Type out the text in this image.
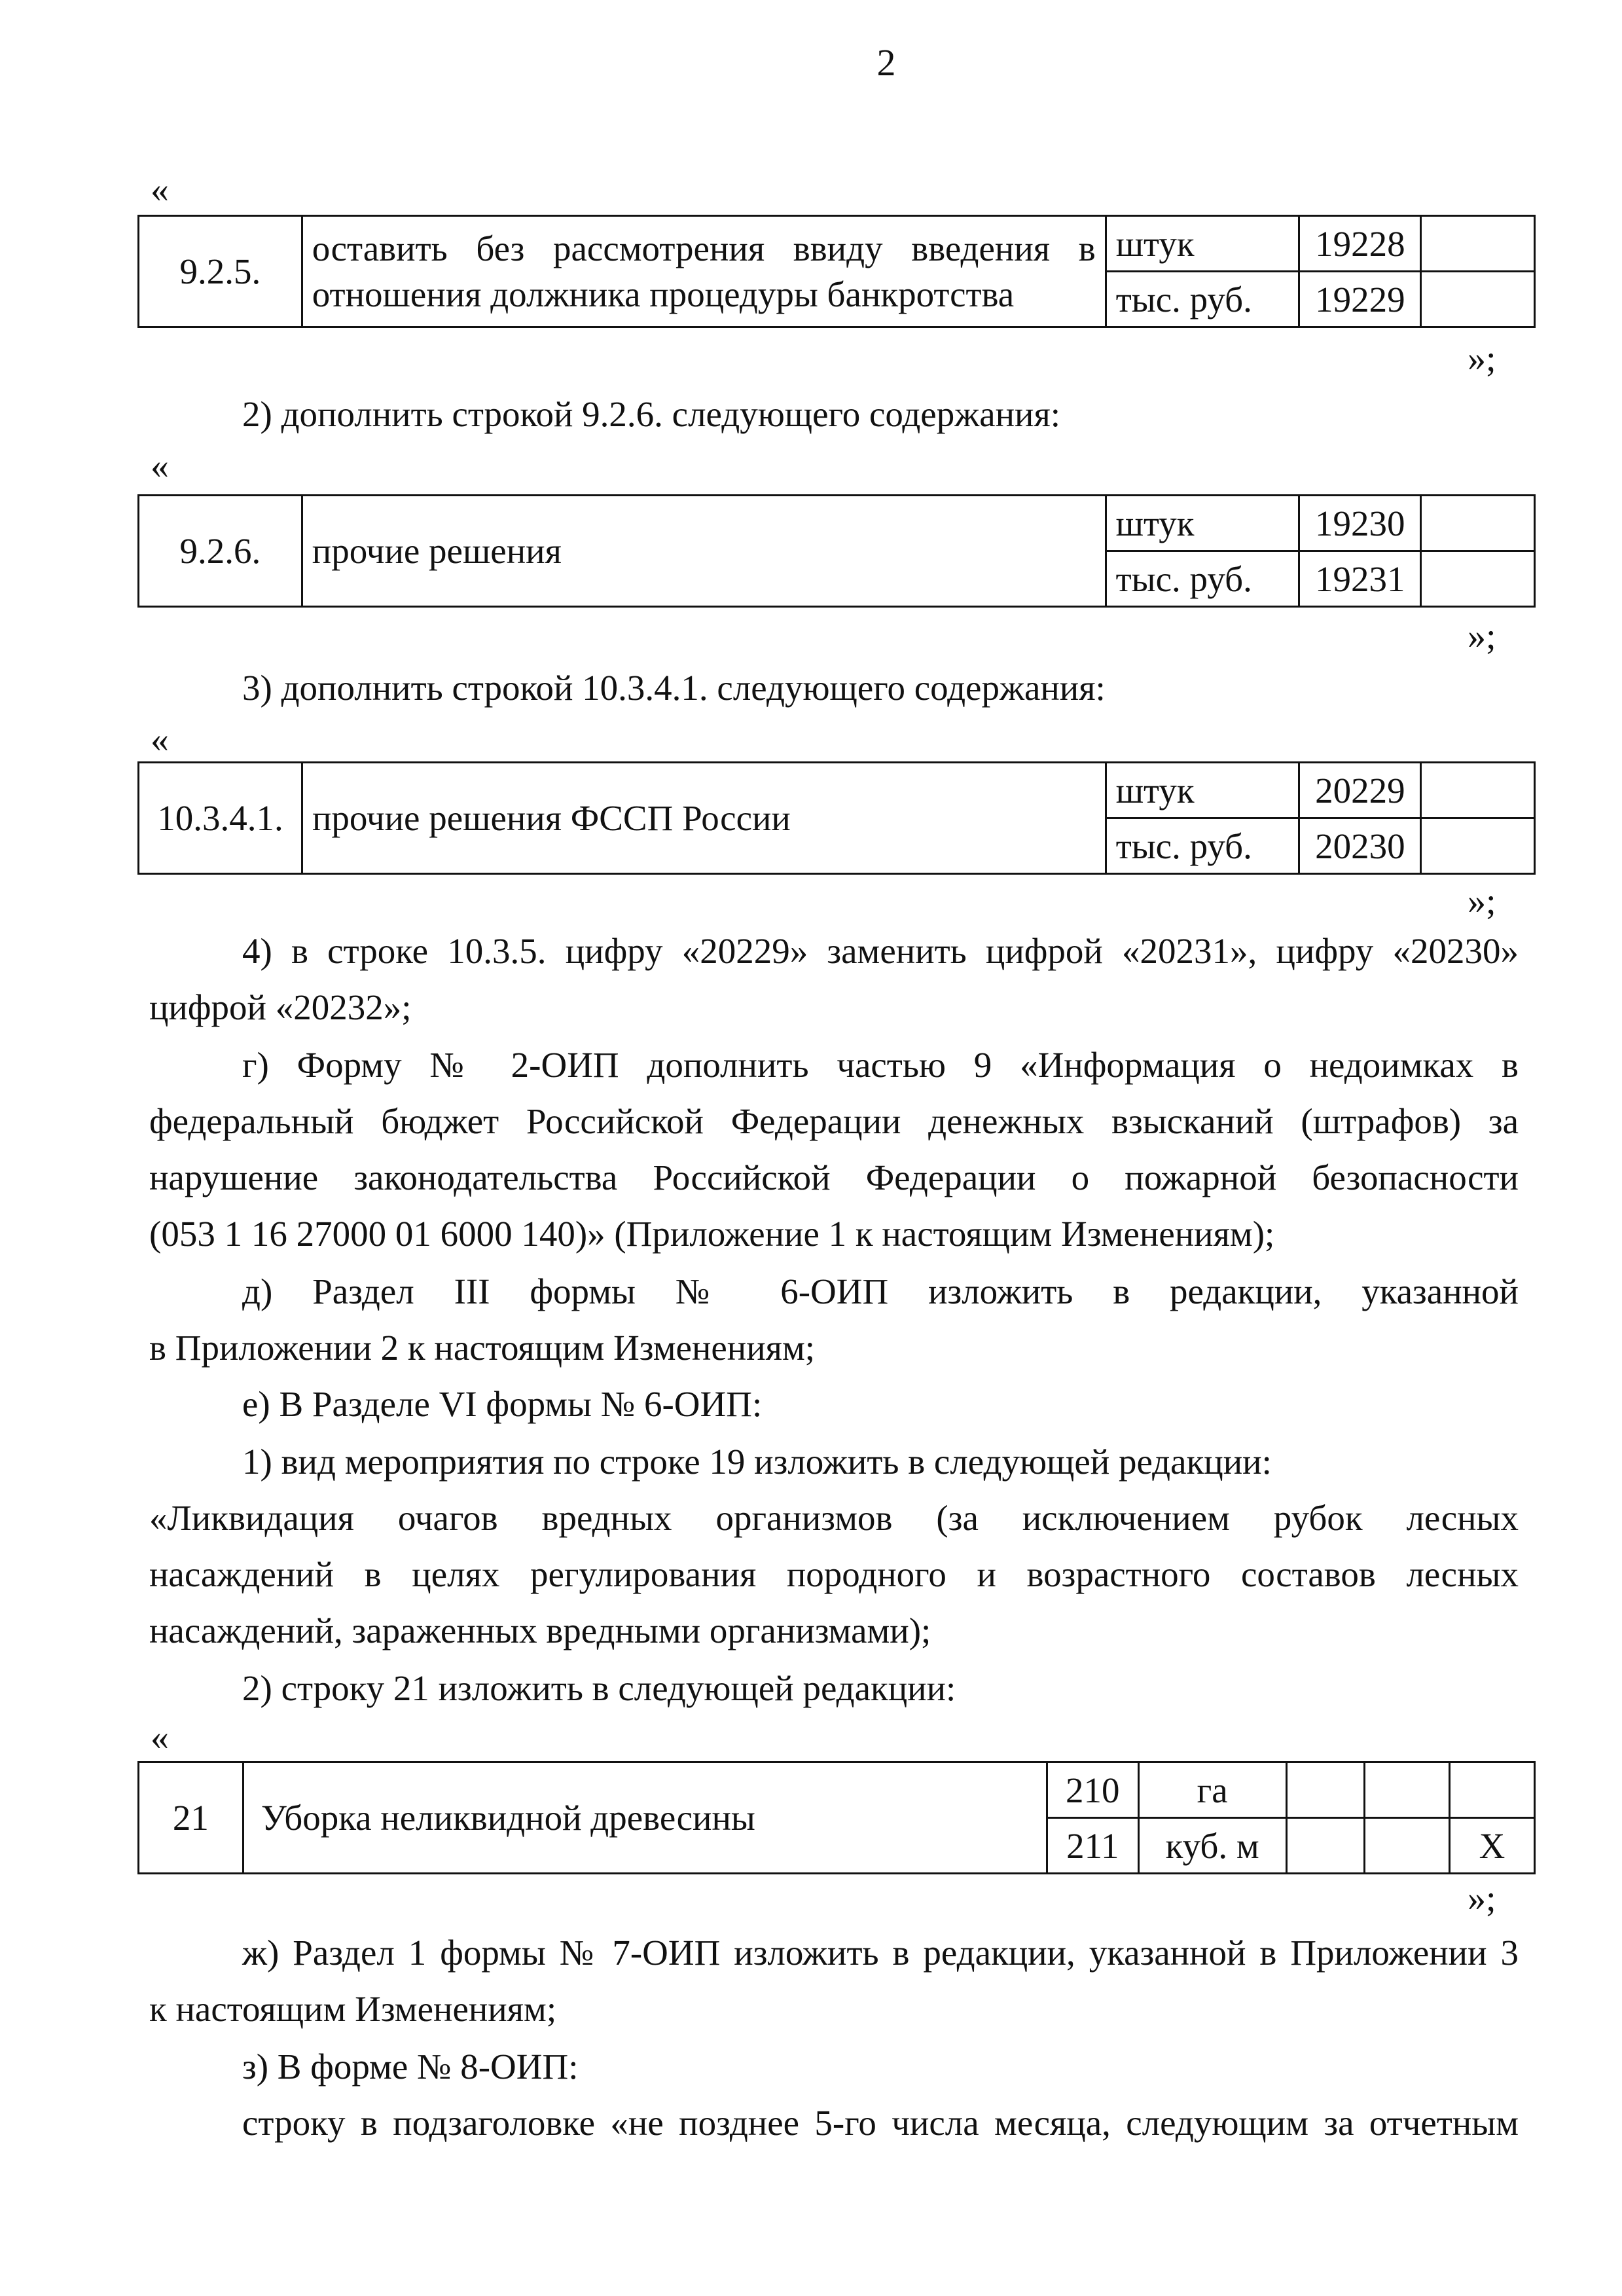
2
«
9.2.5.	оставить без рассмотрения ввиду введения в
отношения должника процедуры банкротства	штук	19228	
		тыс. руб.	19229	
»;
2) дополнить строкой 9.2.6. следующего содержания:
«
9.2.6.	прочие решения	штук	19230	
		тыс. руб.	19231	
»;
3) дополнить строкой 10.3.4.1. следующего содержания:
«
10.3.4.1.	прочие решения ФССП России	штук	20229	
		тыс. руб.	20230	
»;
4) в строке 10.3.5. цифру «20229» заменить цифрой «20231», цифру «20230»
цифрой «20232»;
г) Форму № 2-ОИП дополнить частью 9 «Информация о недоимках в
федеральный бюджет Российской Федерации денежных взысканий (штрафов) за
нарушение законодательства Российской Федерации о пожарной безопасности
(053 1 16 27000 01 6000 140)» (Приложение 1 к настоящим Изменениям);
д) Раздел III формы № 6-ОИП изложить в редакции, указанной
в Приложении 2 к настоящим Изменениям;
е) В Разделе VI формы № 6-ОИП:
1) вид мероприятия по строке 19 изложить в следующей редакции:
«Ликвидация очагов вредных организмов (за исключением рубок лесных
насаждений в целях регулирования породного и возрастного составов лесных
насаждений, зараженных вредными организмами);
2) строку 21 изложить в следующей редакции:
«
21	Уборка неликвидной древесины	210	га			
		211	куб. м			X
»;
ж) Раздел 1 формы № 7-ОИП изложить в редакции, указанной в Приложении 3
к настоящим Изменениям;
з) В форме № 8-ОИП:
строку в подзаголовке «не позднее 5-го числа месяца, следующим за отчетным
